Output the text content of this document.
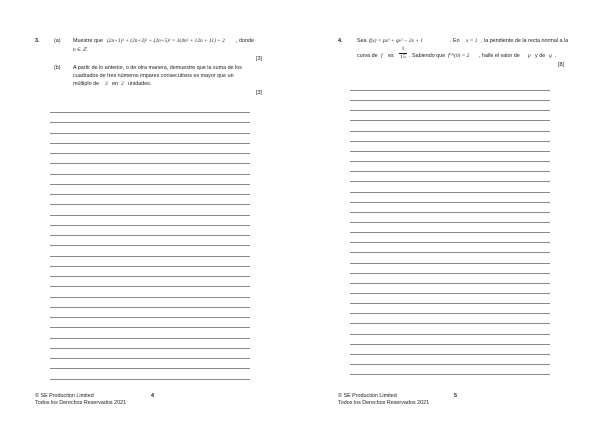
3.	(a) Muestre que (2n+1)² + (2n+3)² + (2n+5)² = 3(4n² + 12n + 11) + 2 , donde
n ∈ ℤ.
[3]
(b) A partir de lo anterior, o de otra manera, demuestre que la suma de los
cuadrados de tres números impares consecutivos es mayor que un
múltiplo de 3 en 2 unidades.
[3]
© SE Production Limited
Todos los Derechos Reservados 2021
4
4.	Sea f(x) = px³ + qx² − 2x + 1	. En x = 1 , la pendiente de la recta normal a la
curva de f es
1
15 . Sabiendo que f⁽⁴⁾(0) = 2 , halle el valor de p y de q .
[8]
© SE Production Limited
Todos los Derechos Reservados 2021
5
